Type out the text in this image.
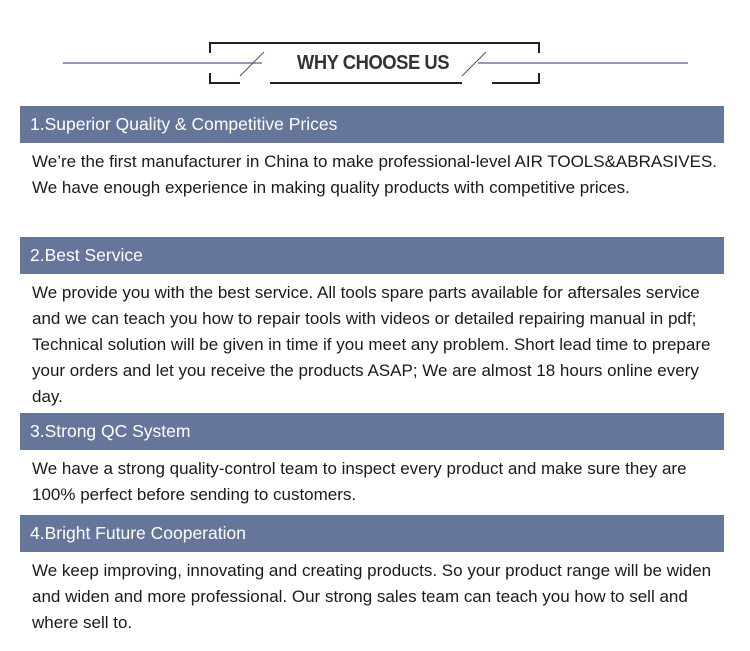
WHY CHOOSE US
1.Superior Quality & Competitive Prices
We’re the first manufacturer in China to make professional-level AIR TOOLS&ABRASIVES. We have enough experience in making quality products with competitive prices.
2.Best Service
We provide you with the best service. All tools spare parts available for aftersales service and we can teach you how to repair tools with videos or detailed repairing manual in pdf; Technical solution will be given in time if you meet any problem. Short lead time to prepare your orders and let you receive the products ASAP; We are almost 18 hours online every day.
3.Strong QC System
We have a strong quality-control team to inspect every product and make sure they are 100% perfect before sending to customers.
4.Bright Future Cooperation
We keep improving, innovating and creating products. So your product range will be widen and widen and more professional. Our strong sales team can teach you how to sell and where sell to.
